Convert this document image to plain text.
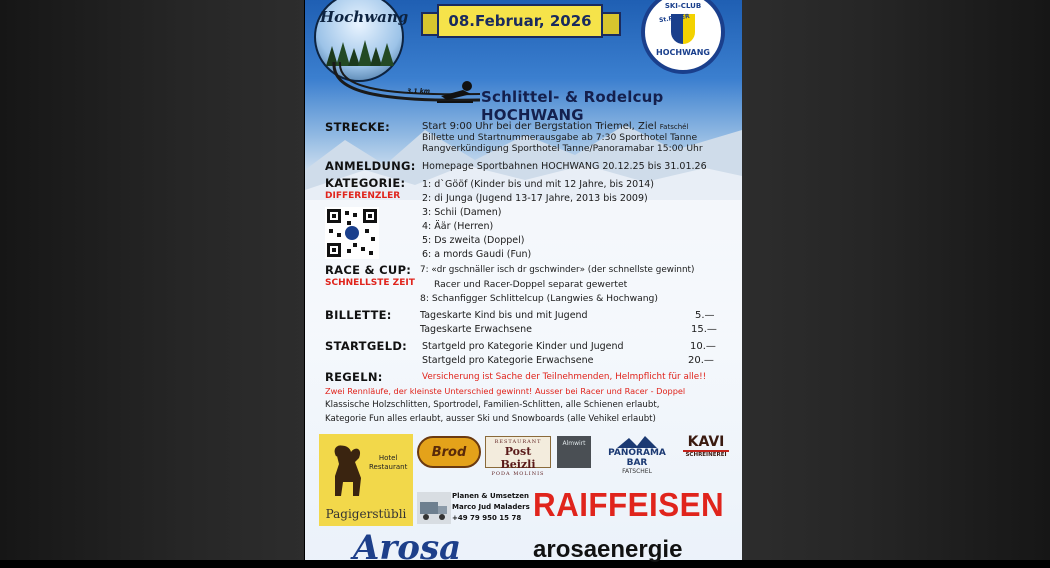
Hochwang	08.Februar, 2026
SKI-CLUB
St.PETER
HOCHWANG
3.1 km	Schlittel- & Rodelcup HOCHWANG
STRECKE:	Start 9:00 Uhr bei der Bergstation Triemel, Ziel Fatschél
Billette und Startnummerausgabe ab 7:30 Sporthotel Tanne
Rangverkündigung Sporthotel Tanne/Panoramabar 15:00 Uhr
ANMELDUNG: Homepage Sportbahnen HOCHWANG 20.12.25 bis 31.01.26
KATEGORIE:
DIFFERENZLER
1: d`Gööf (Kinder bis und mit 12 Jahre, bis 2014)
2: di Junga (Jugend 13-17 Jahre, 2013 bis 2009)
3: Schii (Damen)
4: Äär (Herren)
5: Ds zweita (Doppel)
6: a mords Gaudi (Fun)
RACE & CUP:
SCHNELLSTE ZEIT
7: «dr gschnäller isch dr gschwinder» (der schnellste gewinnt)
Racer und Racer-Doppel separat gewertet
8: Schanfigger Schlittelcup (Langwies & Hochwang)
BILLETTE:	Tageskarte Kind bis und mit Jugend	5.—
Tageskarte Erwachsene	15.—
STARTGELD: Startgeld pro Kategorie Kinder und Jugend	10.—
Startgeld pro Kategorie Erwachsene	20.—
REGELN:	Versicherung ist Sache der Teilnehmenden, Helmpflicht für alle!!
Zwei Rennläufe, der kleinste Unterschied gewinnt! Ausser bei Racer und Racer - Doppel
Klassische Holzschlitten, Sportrodel, Familien-Schlitten, alle Schienen erlaubt,
Kategorie Fun alles erlaubt, ausser Ski und Snowboards (alle Vehikel erlaubt)
Hotel
Restaurant
Pagigerstübli
Brod
RESTAURANT
Post Beizli
PODA MOLINIS
Almwirt
PANORAMA BAR
FATSCHEL
KAVI
SCHREINEREI
Planen & Umsetzen
Marco Jud Maladers
+49 79 950 15 78 RAIFFEISEN
Arosa	arosaenergie
